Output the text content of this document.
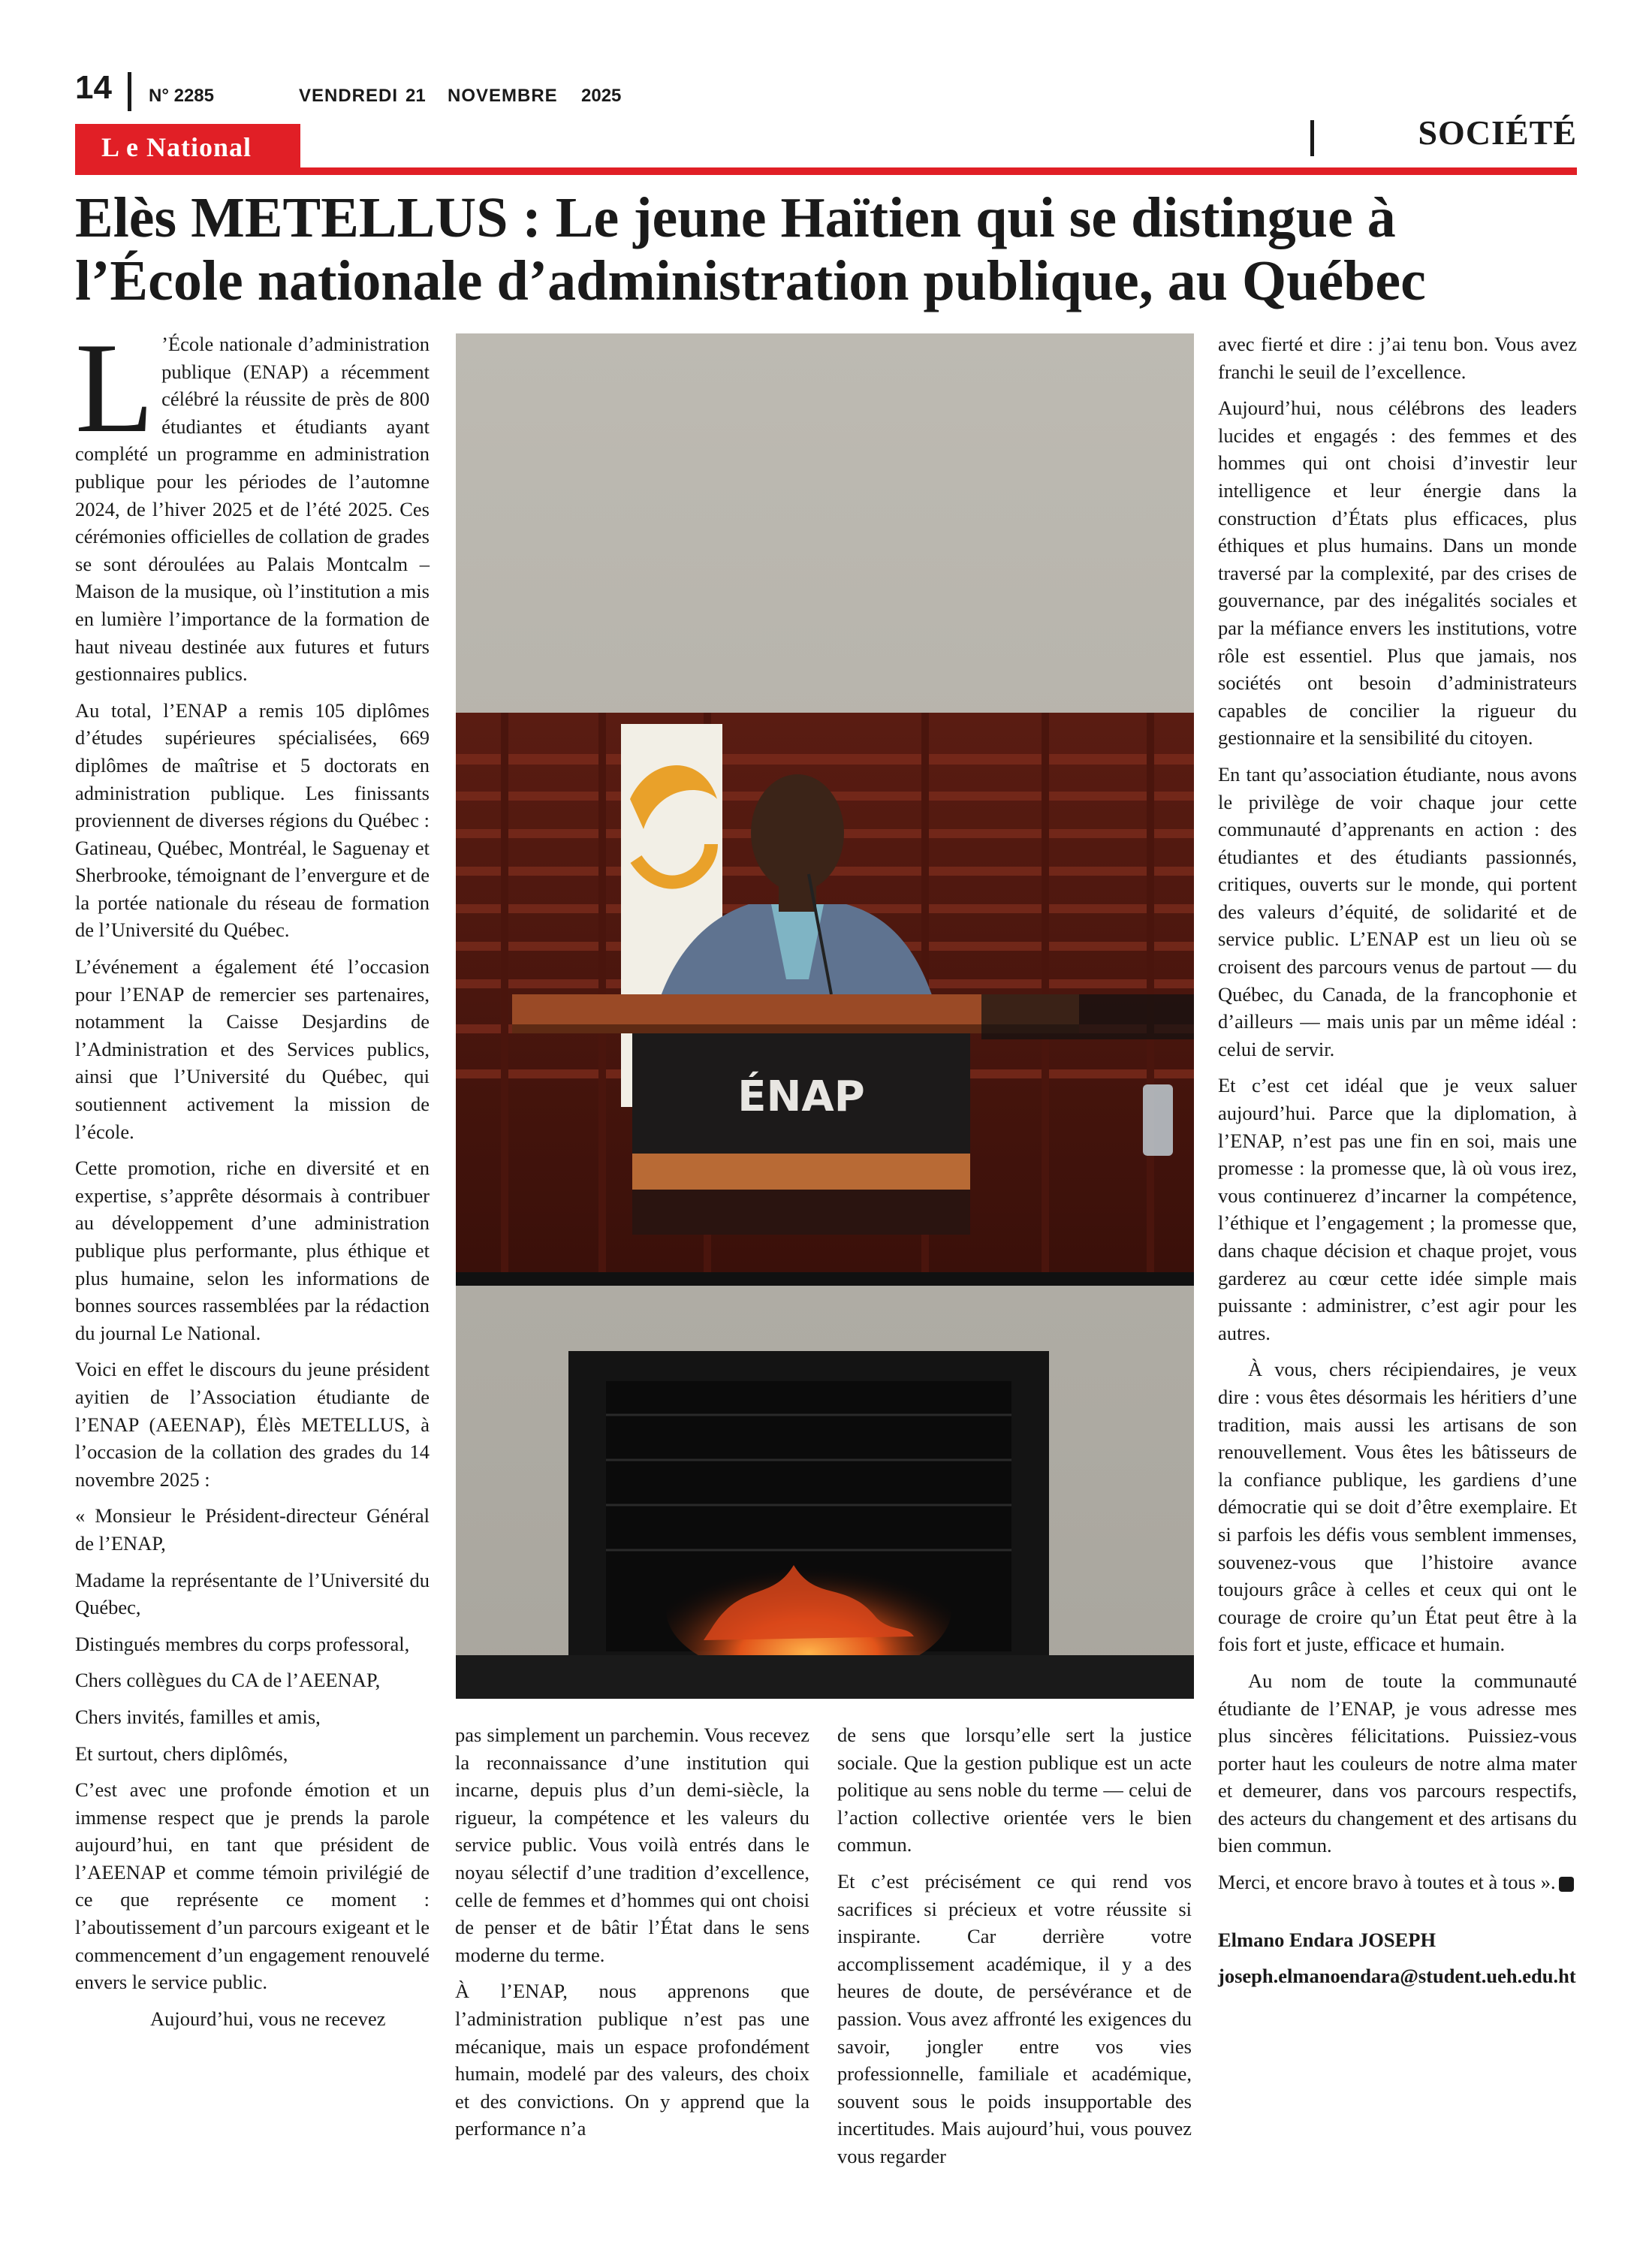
14 N° 2285	VENDREDI 21 NOVEMBRE 2025
L e National	SOCIÉTÉ
Elès METELLUS : Le jeune Haïtien qui se distingue à l’École nationale d’administration publique, au Québec

L ’École nationale d’administration publique (ENAP) a récemment célébré la réussite de près de 800 étudiantes et étudiants ayant complété un programme en administration publique pour les périodes de l’automne 2024, de l’hiver 2025 et de l’été 2025. Ces cérémonies officielles de collation de grades se sont déroulées au Palais Montcalm – Maison de la musique, où l’institution a mis en lumière l’importance de la formation de haut niveau destinée aux futures et futurs gestionnaires publics.

Au total, l’ENAP a remis 105 diplômes d’études supérieures spécialisées, 669 diplômes de maîtrise et 5 doctorats en administration publique. Les finissants proviennent de diverses régions du Québec : Gatineau, Québec, Montréal, le Saguenay et Sherbrooke, témoignant de l’envergure et de la portée nationale du réseau de formation de l’Université du Québec.

L’événement a également été l’occasion pour l’ENAP de remercier ses partenaires, notamment la Caisse Desjardins de l’Administration et des Services publics, ainsi que l’Université du Québec, qui soutiennent activement la mission de l’école.

Cette promotion, riche en diversité et en expertise, s’apprête désormais à contribuer au développement d’une administration publique plus performante, plus éthique et plus humaine, selon les informations de bonnes sources rassemblées par la rédaction du journal Le National.

Voici en effet le discours du jeune président ayitien de l’Association étudiante de l’ENAP (AEENAP), Élès METELLUS, à l’occasion de la collation des grades du 14 novembre 2025 :

« Monsieur le Président-directeur Général de l’ENAP,

Madame la représentante de l’Université du Québec,

Distingués membres du corps professoral,

Chers collègues du CA de l’AEENAP,

Chers invités, familles et amis,

Et surtout, chers diplômés,

C’est avec une profonde émotion et un immense respect que je prends la parole aujourd’hui, en tant que président de l’AEENAP et comme témoin privilégié de ce que représente ce moment : l’aboutissement d’un parcours exigeant et le commencement d’un engagement renouvelé envers le service public.

Aujourd’hui, vous ne recevez

ÉNAP

pas simplement un parchemin. Vous recevez la reconnaissance d’une institution qui incarne, depuis plus d’un demi-siècle, la rigueur, la compétence et les valeurs du service public. Vous voilà entrés dans le noyau sélectif d’une tradition d’excellence, celle de femmes et d’hommes qui ont choisi de penser et de bâtir l’État dans le sens moderne du terme.

À l’ENAP, nous apprenons que l’administration publique n’est pas une mécanique, mais un espace profondément humain, modelé par des valeurs, des choix et des convictions. On y apprend que la performance n’a

de sens que lorsqu’elle sert la justice sociale. Que la gestion publique est un acte politique au sens noble du terme — celui de l’action collective orientée vers le bien commun.

Et c’est précisément ce qui rend vos sacrifices si précieux et votre réussite si inspirante. Car derrière votre accomplissement académique, il y a des heures de doute, de persévérance et de passion. Vous avez affronté les exigences du savoir, jongler entre vos vies professionnelle, familiale et académique, souvent sous le poids insupportable des incertitudes. Mais aujourd’hui, vous pouvez vous regarder

avec fierté et dire : j’ai tenu bon. Vous avez franchi le seuil de l’excellence.

Aujourd’hui, nous célébrons des leaders lucides et engagés : des femmes et des hommes qui ont choisi d’investir leur intelligence et leur énergie dans la construction d’États plus efficaces, plus éthiques et plus humains. Dans un monde traversé par la complexité, par des crises de gouvernance, par des inégalités sociales et par la méfiance envers les institutions, votre rôle est essentiel. Plus que jamais, nos sociétés ont besoin d’administrateurs capables de concilier la rigueur du gestionnaire et la sensibilité du citoyen.

En tant qu’association étudiante, nous avons le privilège de voir chaque jour cette communauté d’apprenants en action : des étudiantes et des étudiants passionnés, critiques, ouverts sur le monde, qui portent des valeurs d’équité, de solidarité et de service public. L’ENAP est un lieu où se croisent des parcours venus de partout — du Québec, du Canada, de la francophonie et d’ailleurs — mais unis par un même idéal : celui de servir.

Et c’est cet idéal que je veux saluer aujourd’hui. Parce que la diplomation, à l’ENAP, n’est pas une fin en soi, mais une promesse : la promesse que, là où vous irez, vous continuerez d’incarner la compétence, l’éthique et l’engagement ; la promesse que, dans chaque décision et chaque projet, vous garderez au cœur cette idée simple mais puissante : administrer, c’est agir pour les autres.

À vous, chers récipiendaires, je veux dire : vous êtes désormais les héritiers d’une tradition, mais aussi les artisans de son renouvellement. Vous êtes les bâtisseurs de la confiance publique, les gardiens d’une démocratie qui se doit d’être exemplaire. Et si parfois les défis vous semblent immenses, souvenez-vous que l’histoire avance toujours grâce à celles et ceux qui ont le courage de croire qu’un État peut être à la fois fort et juste, efficace et humain.

Au nom de toute la communauté étudiante de l’ENAP, je vous adresse mes plus sincères félicitations. Puissiez-vous porter haut les couleurs de notre alma mater et demeurer, dans vos parcours respectifs, des acteurs du changement et des artisans du bien commun.

Merci, et encore bravo à toutes et à tous ».

Elmano Endara JOSEPH

joseph.elmanoendara@student.ueh.edu.ht
